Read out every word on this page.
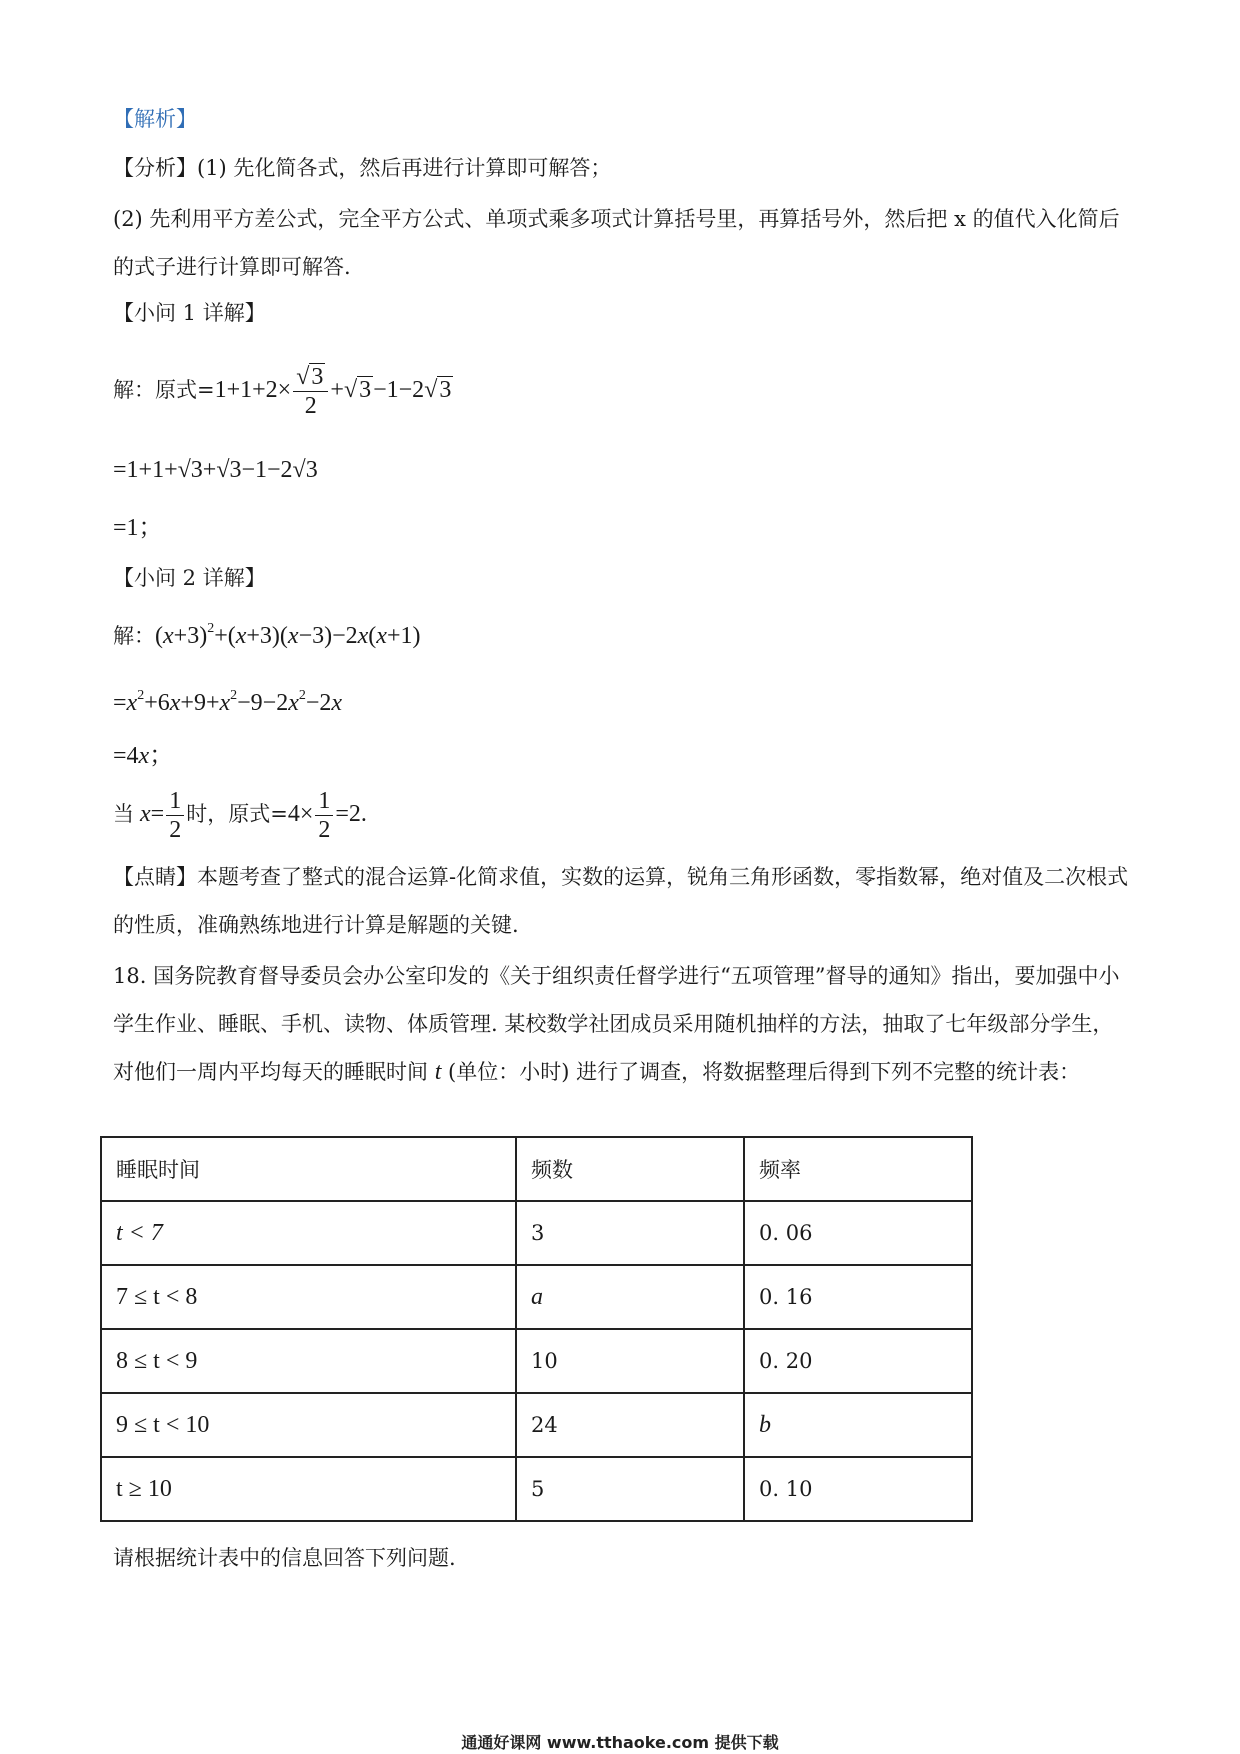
【解析】
【分析】(1) 先化简各式，然后再进行计算即可解答；
(2) 先利用平方差公式，完全平方公式、单项式乘多项式计算括号里，再算括号外，然后把 x 的值代入化简后的式子进行计算即可解答.
【小问 1 详解】
解：原式$=1+1+2\times \frac{√3}{2} +√3-1-2√3$
=1+1+√3+√3−1−2√3
=1；
【小问 2 详解】
解：$(x+3)^2+(x+3)(x-3)-2x(x+1)$
$=x^2+6x+9+x^2-9-2x^2-2x$
=4x；
当 $x= \frac{1}{2}$ 时，原式$=4\times \frac{1}{2} =2$.
【点睛】本题考查了整式的混合运算-化简求值，实数的运算，锐角三角形函数，零指数幂，绝对值及二次根式的性质，准确熟练地进行计算是解题的关键.
18. 国务院教育督导委员会办公室印发的《关于组织责任督学进行“五项管理”督导的通知》指出，要加强中小学生作业、睡眠、手机、读物、体质管理. 某校数学社团成员采用随机抽样的方法，抽取了七年级部分学生，对他们一周内平均每天的睡眠时间 t (单位：小时) 进行了调查，将数据整理后得到下列不完整的统计表：
睡眠时间	频数	频率
t < 7	3	0. 06
7 ≤ t < 8	a	0. 16
8 ≤ t < 9	10	0. 20
9 ≤ t < 10	24	b
t ≥ 10	5	0. 10
请根据统计表中的信息回答下列问题.
通通好课网 www.tthaoke.com 提供下载
